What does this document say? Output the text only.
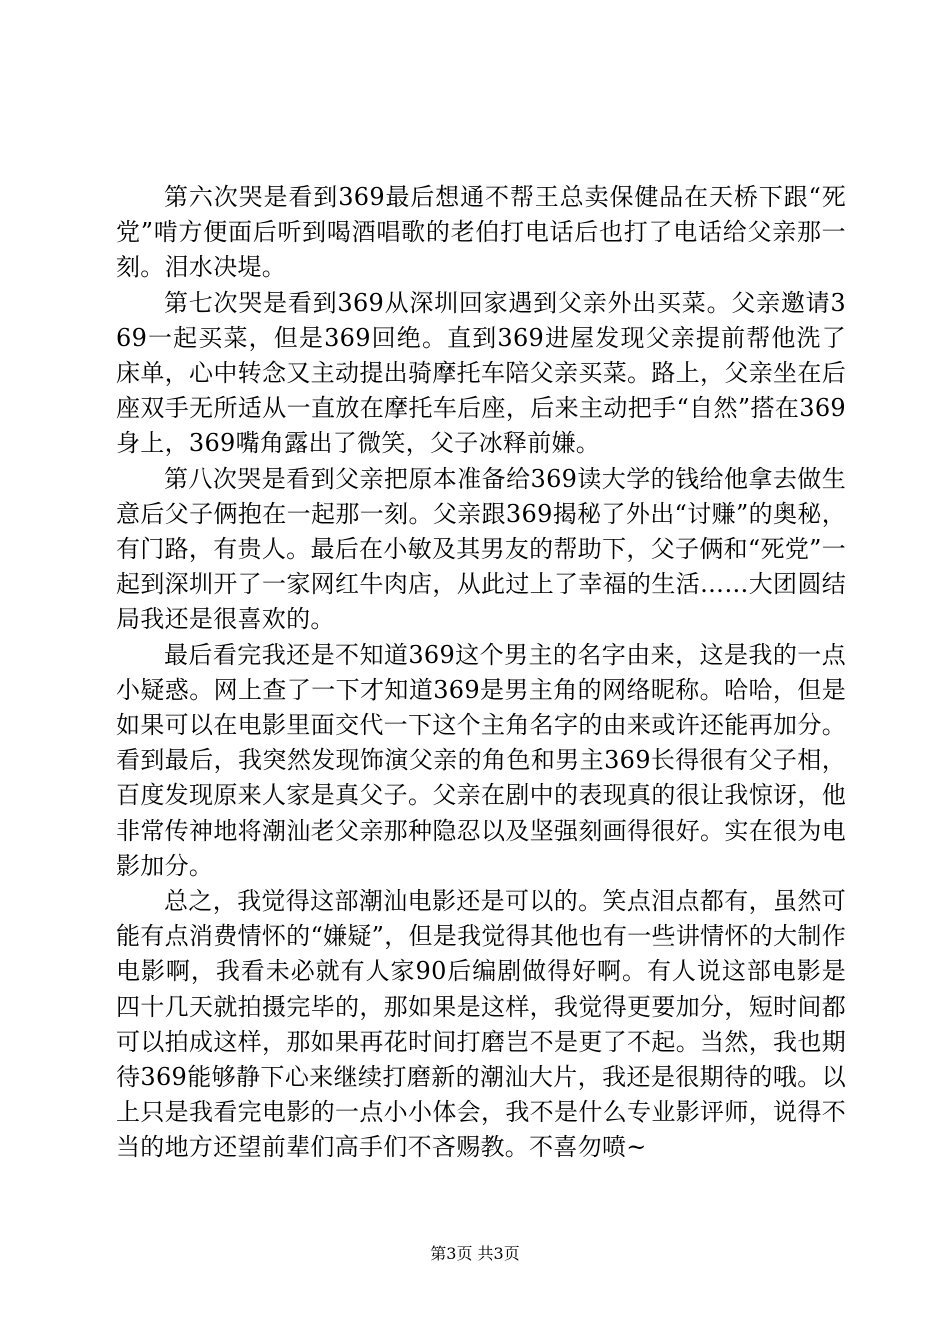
第六次哭是看到369最后想通不帮王总卖保健品在天桥下跟“死党”啃方便面后听到喝酒唱歌的老伯打电话后也打了电话给父亲那一刻。泪水决堤。

第七次哭是看到369从深圳回家遇到父亲外出买菜。父亲邀请369一起买菜，但是369回绝。直到369进屋发现父亲提前帮他洗了床单，心中转念又主动提出骑摩托车陪父亲买菜。路上，父亲坐在后座双手无所适从一直放在摩托车后座，后来主动把手“自然”搭在369身上，369嘴角露出了微笑，父子冰释前嫌。

第八次哭是看到父亲把原本准备给369读大学的钱给他拿去做生意后父子俩抱在一起那一刻。父亲跟369揭秘了外出“讨赚”的奥秘，有门路，有贵人。最后在小敏及其男友的帮助下，父子俩和“死党”一起到深圳开了一家网红牛肉店，从此过上了幸福的生活……大团圆结局我还是很喜欢的。

最后看完我还是不知道369这个男主的名字由来，这是我的一点小疑惑。网上查了一下才知道369是男主角的网络昵称。哈哈，但是如果可以在电影里面交代一下这个主角名字的由来或许还能再加分。看到最后，我突然发现饰演父亲的角色和男主369长得很有父子相，百度发现原来人家是真父子。父亲在剧中的表现真的很让我惊讶，他非常传神地将潮汕老父亲那种隐忍以及坚强刻画得很好。实在很为电影加分。

总之，我觉得这部潮汕电影还是可以的。笑点泪点都有，虽然可能有点消费情怀的“嫌疑”，但是我觉得其他也有一些讲情怀的大制作电影啊，我看未必就有人家90后编剧做得好啊。有人说这部电影是四十几天就拍摄完毕的，那如果是这样，我觉得更要加分，短时间都可以拍成这样，那如果再花时间打磨岂不是更了不起。当然，我也期待369能够静下心来继续打磨新的潮汕大片，我还是很期待的哦。以上只是我看完电影的一点小小体会，我不是什么专业影评师，说得不当的地方还望前辈们高手们不吝赐教。不喜勿喷~

第3页 共3页
